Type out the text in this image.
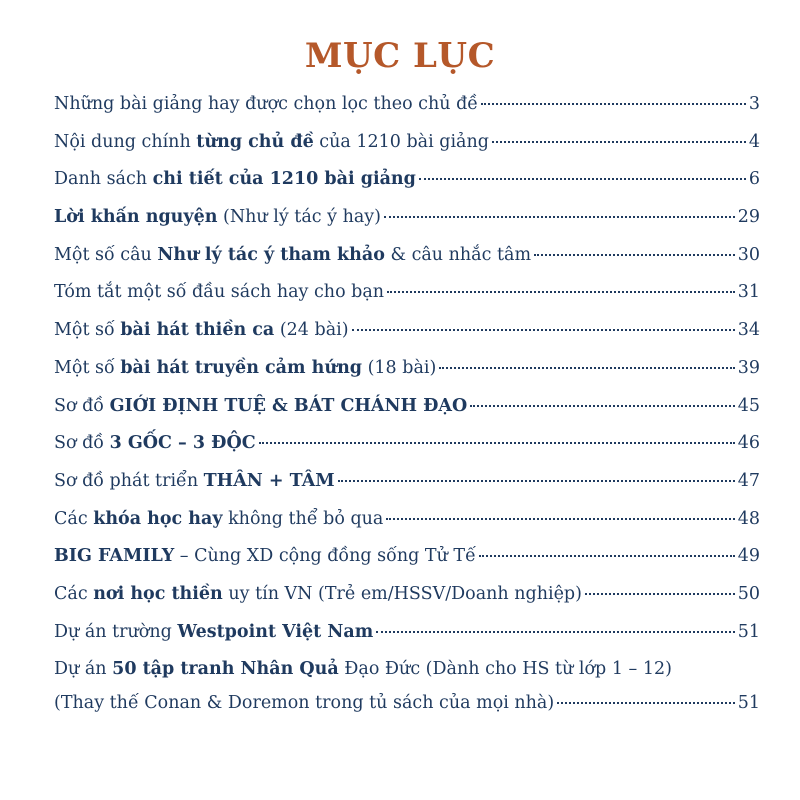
MỤC LỤC
Những bài giảng hay được chọn lọc theo chủ đề	3
Nội dung chính từng chủ đề của 1210 bài giảng	4
Danh sách chi tiết của 1210 bài giảng	6
Lời khấn nguyện (Như lý tác ý hay)	29
Một số câu Như lý tác ý tham khảo & câu nhắc tâm	30
Tóm tắt một số đầu sách hay cho bạn	31
Một số bài hát thiền ca (24 bài)	34
Một số bài hát truyền cảm hứng (18 bài)	39
Sơ đồ GIỚI ĐỊNH TUỆ & BÁT CHÁNH ĐẠO	45
Sơ đồ 3 GỐC – 3 ĐỘC	46
Sơ đồ phát triển THÂN + TÂM	47
Các khóa học hay không thể bỏ qua	48
BIG FAMILY – Cùng XD cộng đồng sống Tử Tế	49
Các nơi học thiền uy tín VN (Trẻ em/HSSV/Doanh nghiệp)	50
Dự án trường Westpoint Việt Nam	51
Dự án 50 tập tranh Nhân Quả Đạo Đức (Dành cho HS từ lớp 1 – 12)
(Thay thế Conan & Doremon trong tủ sách của mọi nhà)	51
